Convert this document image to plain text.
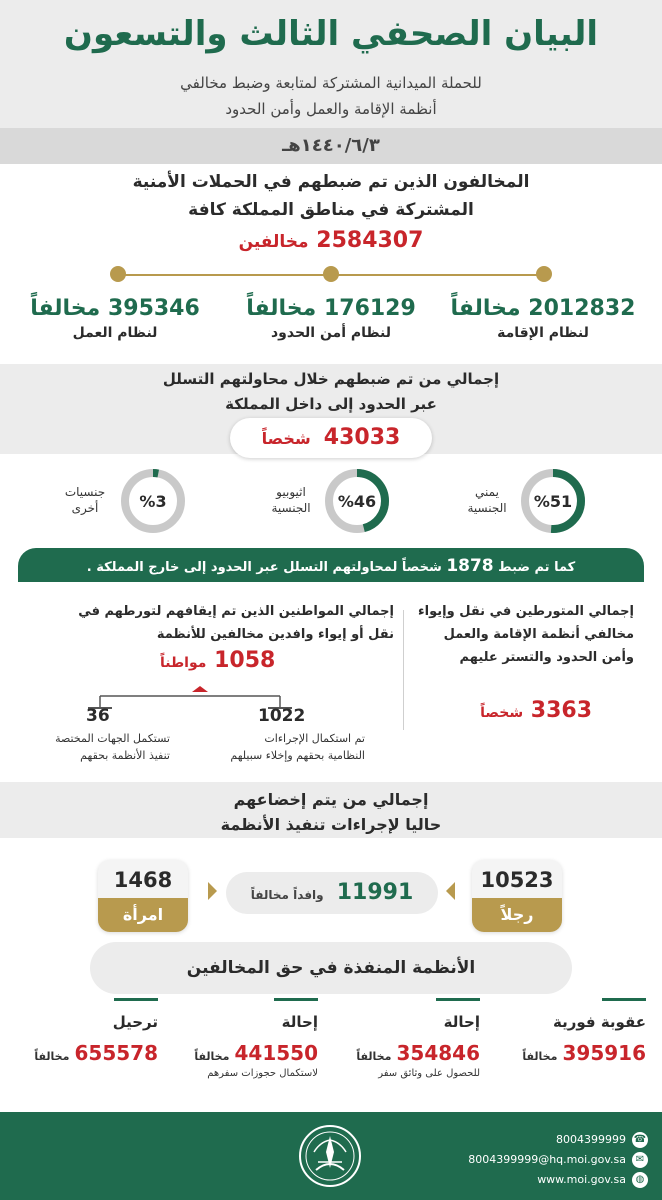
البيان الصحفي الثالث والتسعون
للحملة الميدانية المشتركة لمتابعة وضبط مخالفي
أنظمة الإقامة والعمل وأمن الحدود
١٤٤٠/٦/٣هـ
المخالفون الذين تم ضبطهم في الحملات الأمنية
المشتركة في مناطق المملكة كافة
2584307 مخالفين
2012832 مخالفاً
لنظام الإقامة
176129 مخالفاً
لنظام أمن الحدود
395346 مخالفاً
لنظام العمل
إجمالي من تم ضبطهم خلال محاولتهم التسلل
عبر الحدود إلى داخل المملكة
43033 شخصاً
%51
يمني
الجنسية
%46
اثيوبيو
الجنسية
%3
جنسيات
أخرى
كما تم ضبط 1878 شخصاً لمحاولتهم التسلل عبر الحدود إلى خارج المملكة .
إجمالي المتورطين في نقل وإيواء
مخالفي أنظمة الإقامة والعمل
وأمن الحدود والتستر عليهم
3363 شخصاً
إجمالي المواطنين الذين تم إيقافهم لتورطهم في
نقل أو إيواء وافدين مخالفين للأنظمة
1058 مواطناً
1022
تم استكمال الإجراءات
النظامية بحقهم وإخلاء سبيلهم
36
تستكمل الجهات المختصة
تنفيذ الأنظمة بحقهم
إجمالي من يتم إخضاعهم
حاليا لإجراءات تنفيذ الأنظمة
10523
رجلاً
11991 وافداً مخالفاً
1468
امرأة
الأنظمة المنفذة في حق المخالفين
عقوبة فورية
395916 مخالفاً
إحالة
354846 مخالفاً
للحصول على وثائق سفر
إحالة
441550 مخالفاً
لاستكمال حجوزات سفرهم
ترحيل
655578 مخالفاً
8004399999 ☎
8004399999@hq.moi.gov.sa ✉
www.moi.gov.sa ◍
